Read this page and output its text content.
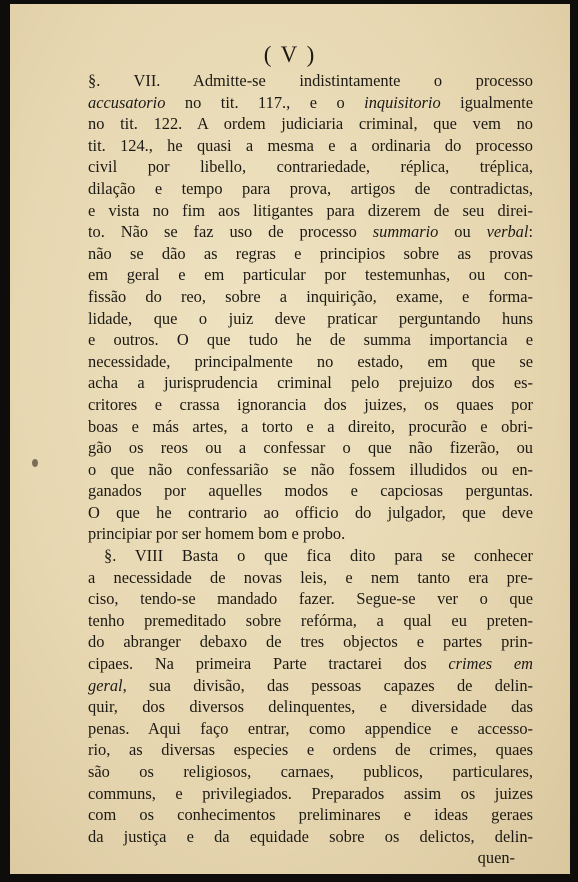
( V )
§. VII. Admitte-se indistintamente o processo
accusatorio no tit. 117., e o inquisitorio igualmente
no tit. 122. A ordem judiciaria criminal, que vem no
tit. 124., he quasi a mesma e a ordinaria do processo
civil por libello, contrariedade, réplica, tréplica,
dilação e tempo para prova, artigos de contradictas,
e vista no fim aos litigantes para dizerem de seu direi-
to. Não se faz uso de processo summario ou verbal:
não se dão as regras e principios sobre as provas
em geral e em particular por testemunhas, ou con-
fissão do reo, sobre a inquirição, exame, e forma-
lidade, que o juiz deve praticar perguntando huns
e outros. O que tudo he de summa importancia e
necessidade, principalmente no estado, em que se
acha a jurisprudencia criminal pelo prejuizo dos es-
critores e crassa ignorancia dos juizes, os quaes por
boas e más artes, a torto e a direito, procurão e obri-
gão os reos ou a confessar o que não fizerão, ou
o que não confessarião se não fossem illudidos ou en-
ganados por aquelles modos e capciosas perguntas.
O que he contrario ao officio do julgador, que deve
principiar por ser homem bom e probo.
§. VIII Basta o que fica dito para se conhecer
a necessidade de novas leis, e nem tanto era pre-
ciso, tendo-se mandado fazer. Segue-se ver o que
tenho premeditado sobre refórma, a qual eu preten-
do abranger debaxo de tres objectos e partes prin-
cipaes. Na primeira Parte tractarei dos crimes em
geral, sua divisão, das pessoas capazes de delin-
quir, dos diversos delinquentes, e diversidade das
penas. Aqui faço entrar, como appendice e accesso-
rio, as diversas especies e ordens de crimes, quaes
são os religiosos, carnaes, publicos, particulares,
communs, e privilegiados. Preparados assim os juizes
com os conhecimentos preliminares e ideas geraes
da justiça e da equidade sobre os delictos, delin-
quen-
